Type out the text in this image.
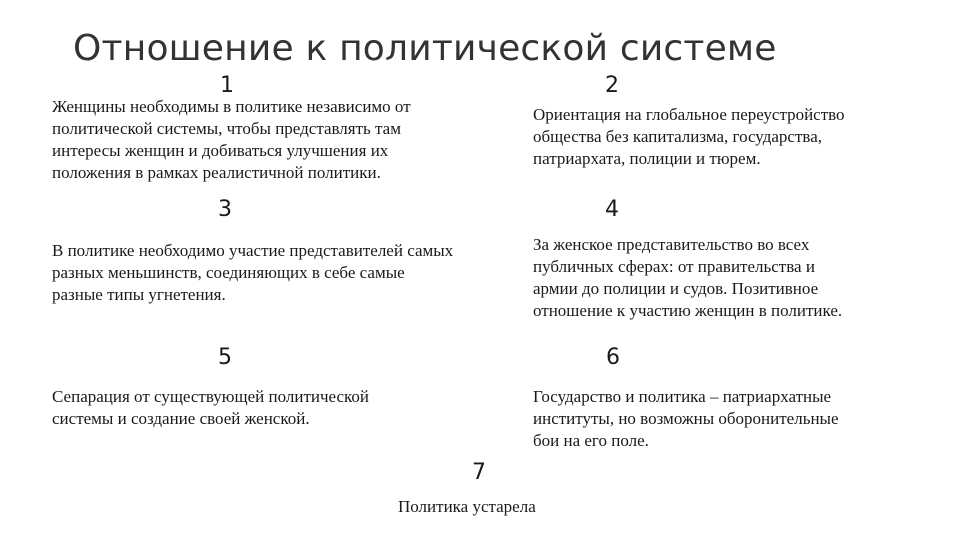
Отношение к политической системе
1
Женщины необходимы в политике независимо от
политической системы, чтобы представлять там
интересы женщин и добиваться улучшения их
положения в рамках реалистичной политики.
2
Ориентация на глобальное переустройство
общества без капитализма, государства,
патриархата, полиции и тюрем.
3
В политике необходимо участие представителей самых
разных меньшинств, соединяющих в себе самые
разные типы угнетения.
4
За женское представительство во всех
публичных сферах: от правительства и
армии до полиции и судов. Позитивное
отношение к участию женщин в политике.
5
Сепарация от существующей политической
системы и создание своей женской.
6
Государство и политика – патриархатные
институты, но возможны оборонительные
бои на его поле.
7
Политика устарела
